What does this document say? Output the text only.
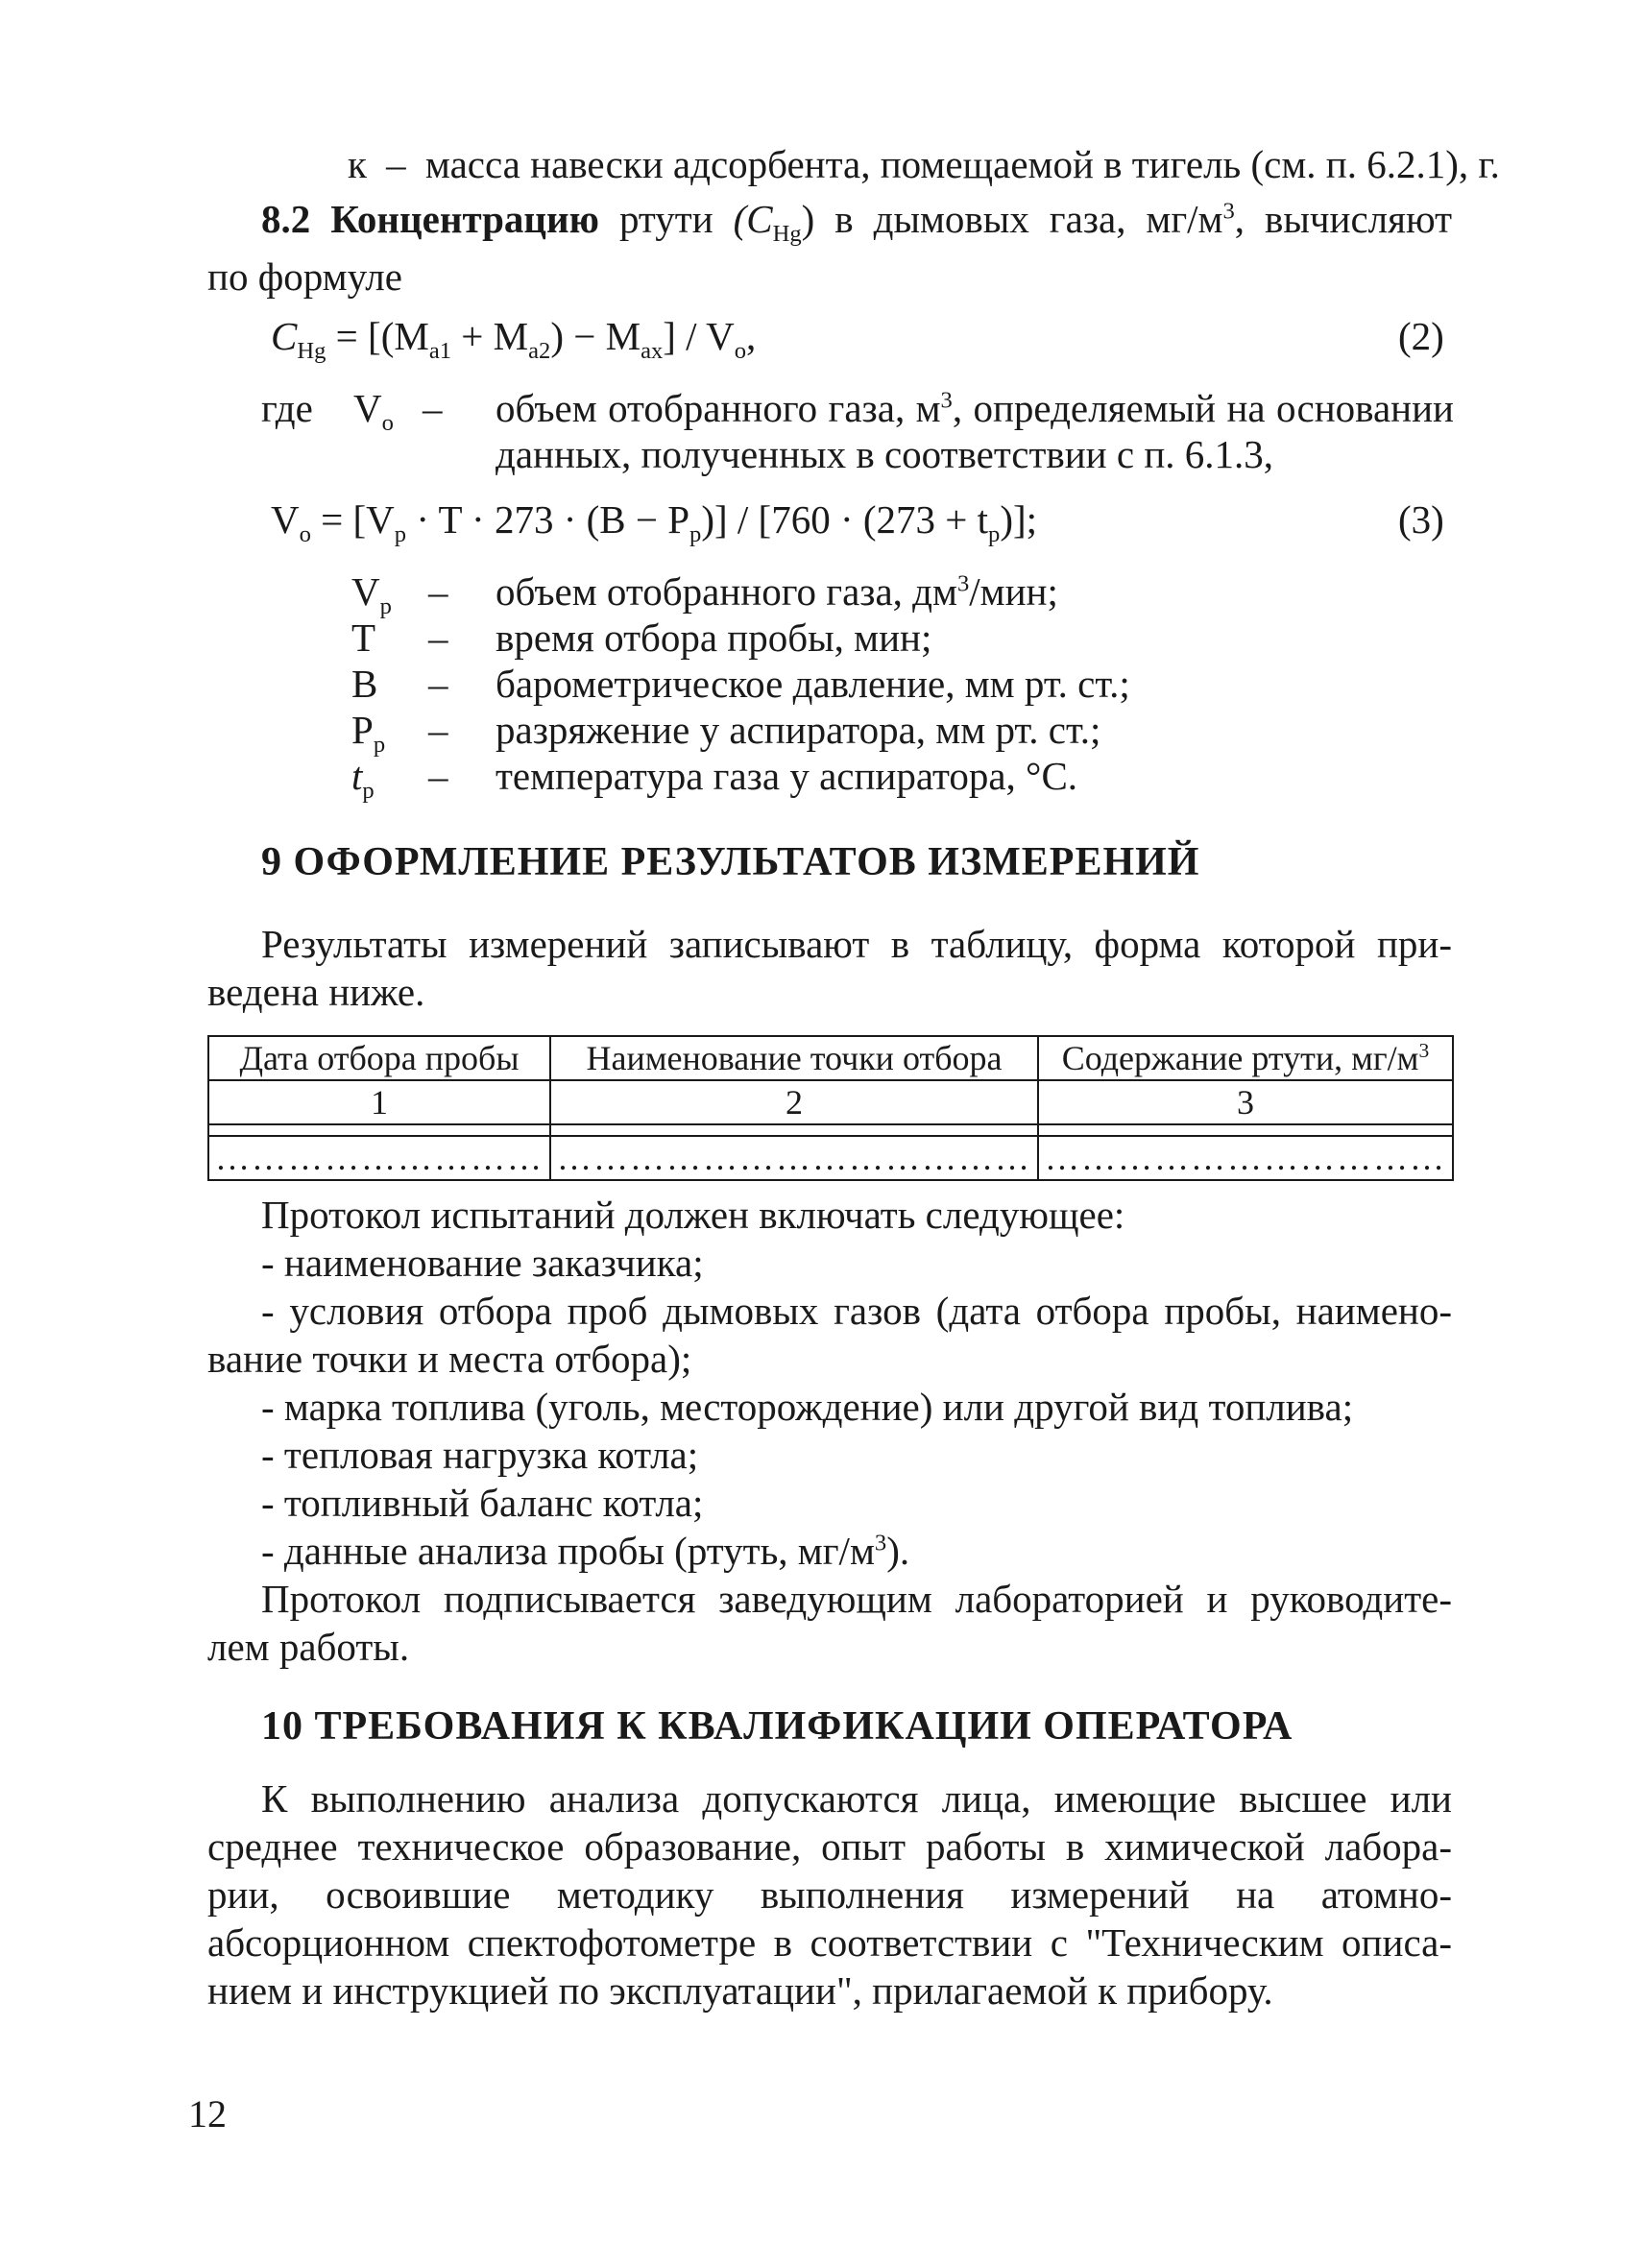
к – масса навески адсорбента, помещаемой в тигель (см. п. 6.2.1), г.
8.2 Концентрацию ртути $(C_{Hg})$ в дымовых газа, $мг/м^3$, вычисляют
по формуле
$C_{Hg} = [(M_{a1} + M_{a2}) - M_{ax}] / V_o$,	(2)
где $V_o$ – объем отобранного газа, $м^3$, определяемый на основании
данных, полученных в соответствии с п. 6.1.3,
$V_o = [V_p \cdot T \cdot 273 \cdot (B - P_p)] / [760 \cdot (273 + t_p)]$;	(3)
$V_р$ – объем отобранного газа, $дм^3$/мин;
T – время отбора пробы, мин;
B – барометрическое давление, мм рт. ст.;
$P_р$ – разряжение у аспиратора, мм рт. ст.;
$t_р$ – температура газа у аспиратора, °С.
9 ОФОРМЛЕНИЕ РЕЗУЛЬТАТОВ ИЗМЕРЕНИЙ
Результаты измерений записывают в таблицу, форма которой при-
ведена ниже.
Дата отбора пробы	Наименование точки отбора	Содержание ртути, $мг/м^3$
1	2	3

………………………	…………………………………	……………………………
Протокол испытаний должен включать следующее:
- наименование заказчика;
- условия отбора проб дымовых газов (дата отбора пробы, наимено-
вание точки и места отбора);
- марка топлива (уголь, месторождение) или другой вид топлива;
- тепловая нагрузка котла;
- топливный баланс котла;
- данные анализа пробы (ртуть, $мг/м^3$).
Протокол подписывается заведующим лабораторией и руководите-
лем работы.
10 ТРЕБОВАНИЯ К КВАЛИФИКАЦИИ ОПЕРАТОРА
К выполнению анализа допускаются лица, имеющие высшее или
среднее техническое образование, опыт работы в химической лабора-
рии, освоившие методику выполнения измерений на атомно-
абсорционном спектофотометре в соответствии с "Техническим описа-
нием и инструкцией по эксплуатации", прилагаемой к прибору.
12
